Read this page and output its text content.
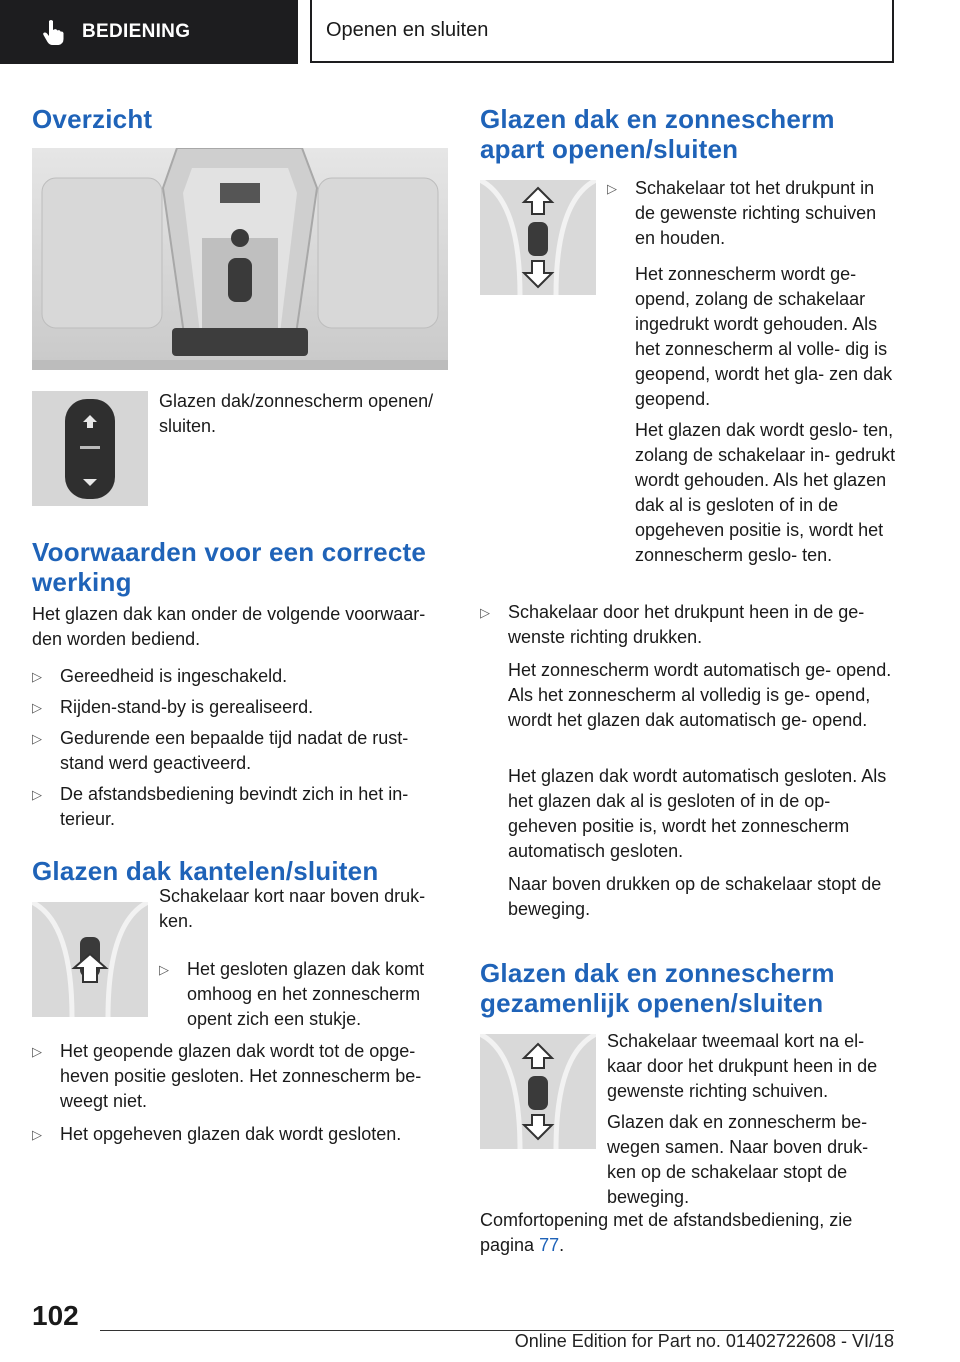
BEDIENING	Openen en sluiten
Overzicht

Glazen dak/zonnescherm openen/ sluiten.

Voorwaarden voor een correcte werking

Het glazen dak kan onder de volgende voorwaar‐ den worden bediend.

▷ Gereedheid is ingeschakeld.
▷ Rijden-stand-by is gerealiseerd.
▷ Gedurende een bepaalde tijd nadat de rust‐ stand werd geactiveerd.
▷ De afstandsbediening bevindt zich in het in‐ terieur.
Glazen dak kantelen/sluiten

Schakelaar kort naar boven druk‐ ken.

▷ Het gesloten glazen dak komt omhoog en het zonnescherm opent zich een stukje.
▷ Het geopende glazen dak wordt tot de opge‐ heven positie gesloten. Het zonnescherm be‐ weegt niet.
▷ Het opgeheven glazen dak wordt gesloten.
Glazen dak en zonnescherm apart openen/sluiten
▷ Schakelaar tot het drukpunt in de gewenste richting schuiven en houden.

Het zonnescherm wordt ge‐ opend, zolang de schakelaar ingedrukt wordt gehouden. Als het zonnescherm al volle‐ dig is geopend, wordt het gla‐ zen dak geopend.

Het glazen dak wordt geslo‐ ten, zolang de schakelaar in‐ gedrukt wordt gehouden. Als het glazen dak al is gesloten of in de opgeheven positie is, wordt het zonnescherm geslo‐ ten.

▷ Schakelaar door het drukpunt heen in de ge‐ wenste richting drukken.

Het zonnescherm wordt automatisch ge‐ opend. Als het zonnescherm al volledig is ge‐ opend, wordt het glazen dak automatisch ge‐ opend.

Het glazen dak wordt automatisch gesloten. Als het glazen dak al is gesloten of in de op‐ geheven positie is, wordt het zonnescherm automatisch gesloten.

Naar boven drukken op de schakelaar stopt de beweging.

Glazen dak en zonnescherm gezamenlijk openen/sluiten

Schakelaar tweemaal kort na el‐ kaar door het drukpunt heen in de gewenste richting schuiven.

Glazen dak en zonnescherm be‐ wegen samen. Naar boven druk‐ ken op de schakelaar stopt de beweging.

Comfortopening met de afstandsbediening, zie pagina 77.

102
Online Edition for Part no. 01402722608 - VI/18
